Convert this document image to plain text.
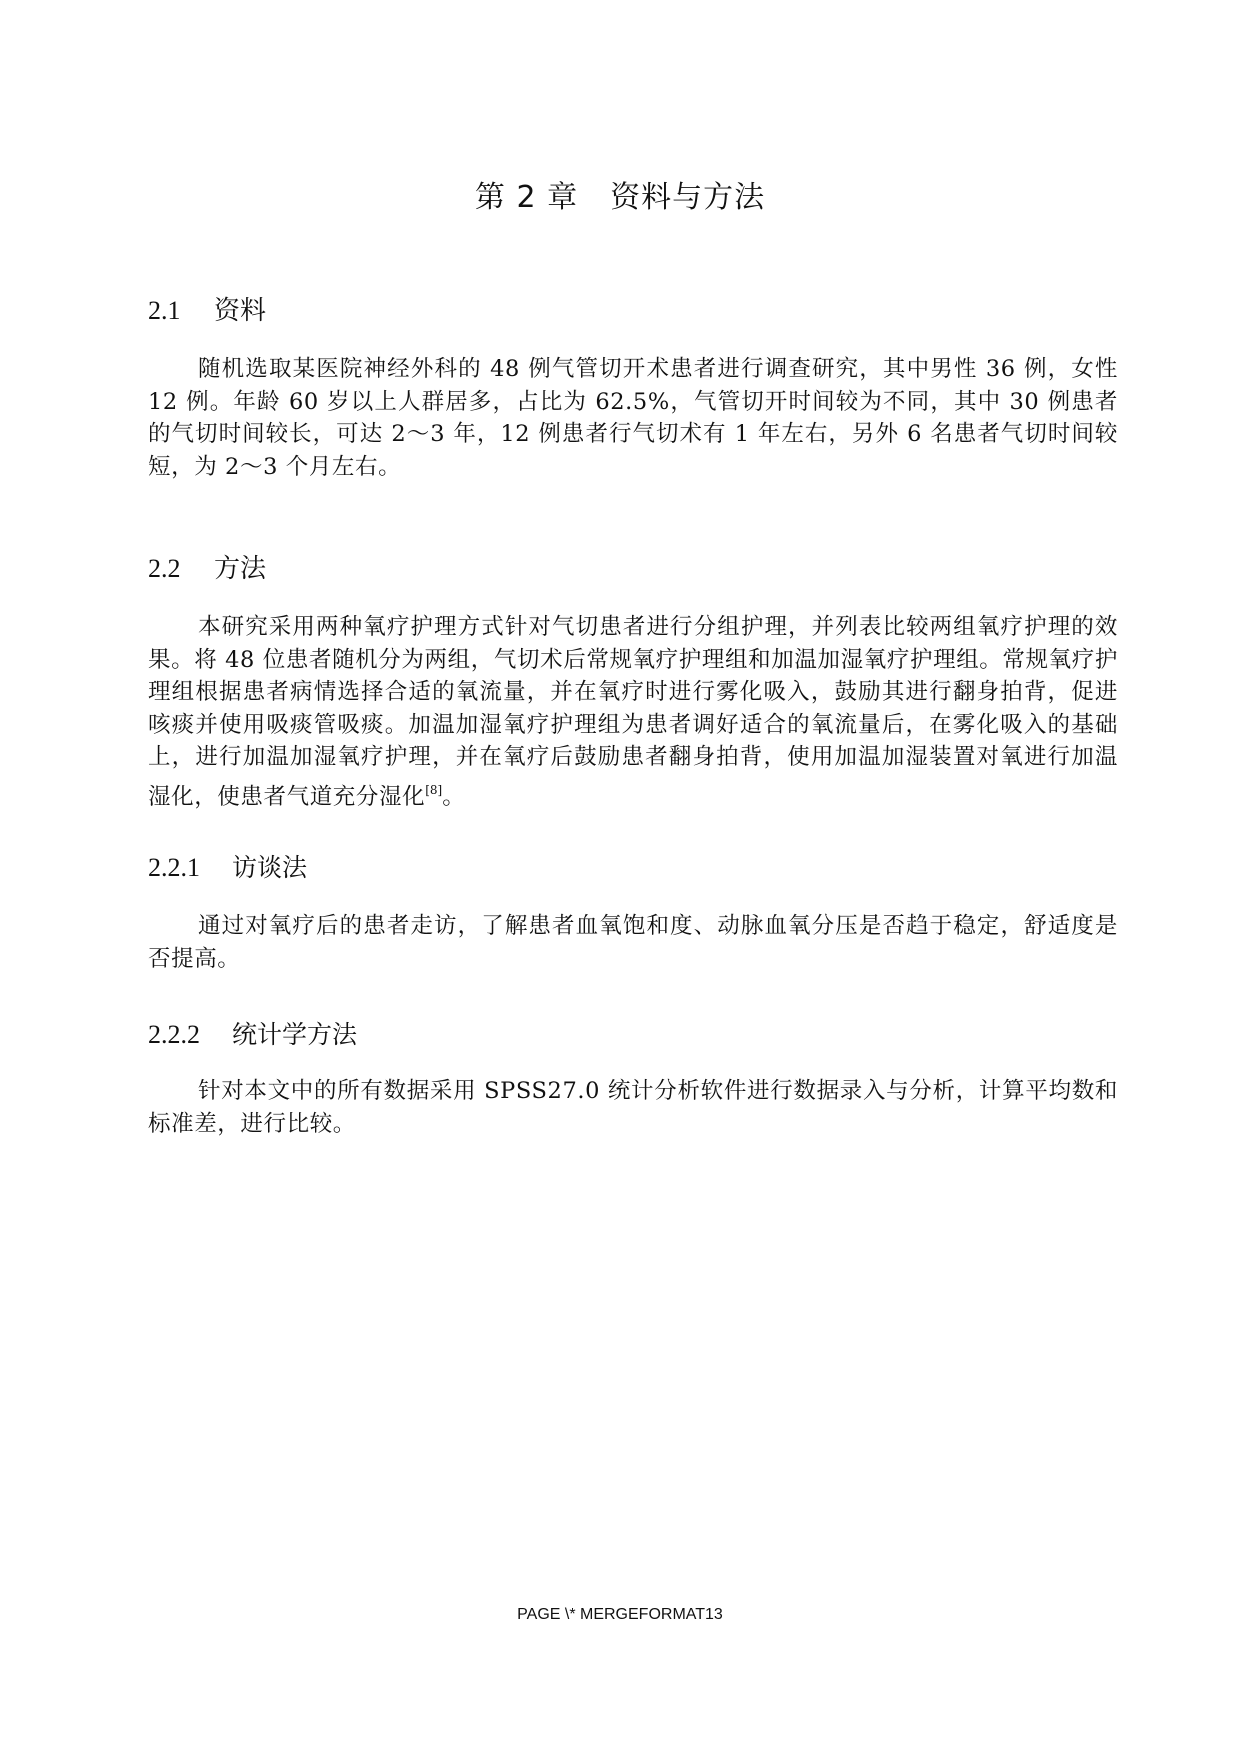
第 2 章 资料与方法
2.1 资料

随机选取某医院神经外科的 48 例气管切开术患者进行调查研究，其中男性 36 例，女性 12 例。年龄 60 岁以上人群居多，占比为 62.5%，气管切开时间较为不同，其中 30 例患者的气切时间较长，可达 2～3 年，12 例患者行气切术有 1 年左右，另外 6 名患者气切时间较短，为 2～3 个月左右。

2.2 方法

本研究采用两种氧疗护理方式针对气切患者进行分组护理，并列表比较两组氧疗护理的效果。将 48 位患者随机分为两组，气切术后常规氧疗护理组和加温加湿氧疗护理组。常规氧疗护理组根据患者病情选择合适的氧流量，并在氧疗时进行雾化吸入，鼓励其进行翻身拍背，促进咳痰并使用吸痰管吸痰。加温加湿氧疗护理组为患者调好适合的氧流量后，在雾化吸入的基础上，进行加温加湿氧疗护理，并在氧疗后鼓励患者翻身拍背，使用加温加湿装置对氧进行加温湿化，使患者气道充分湿化[8]。

2.2.1 访谈法

通过对氧疗后的患者走访，了解患者血氧饱和度、动脉血氧分压是否趋于稳定，舒适度是否提高。

2.2.2 统计学方法

针对本文中的所有数据采用 SPSS27.0 统计分析软件进行数据录入与分析，计算平均数和标准差，进行比较。

PAGE \* MERGEFORMAT13
